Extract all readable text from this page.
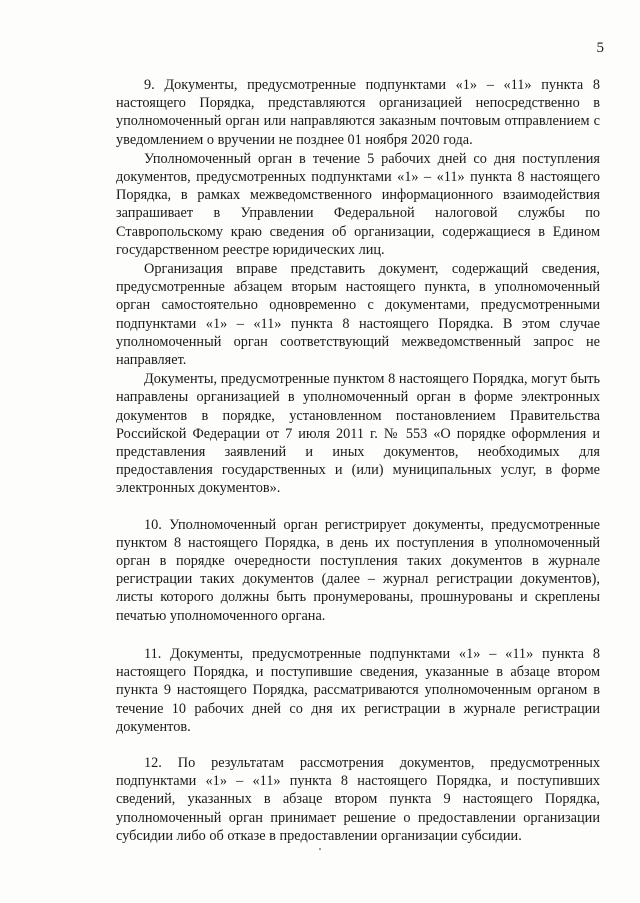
5

9. Документы, предусмотренные подпунктами «1» – «11» пункта 8 настоящего Порядка, представляются организацией непосредственно в уполномоченный орган или направляются заказным почтовым отправлением с уведомлением о вручении не позднее 01 ноября 2020 года.

Уполномоченный орган в течение 5 рабочих дней со дня поступления документов, предусмотренных подпунктами «1» – «11» пункта 8 настоящего Порядка, в рамках межведомственного информационного взаимодействия запрашивает в Управлении Федеральной налоговой службы по Ставропольскому краю сведения об организации, содержащиеся в Едином государственном реестре юридических лиц.

Организация вправе представить документ, содержащий сведения, предусмотренные абзацем вторым настоящего пункта, в уполномоченный орган самостоятельно одновременно с документами, предусмотренными подпунктами «1» – «11» пункта 8 настоящего Порядка. В этом случае уполномоченный орган соответствующий межведомственный запрос не направляет.

Документы, предусмотренные пунктом 8 настоящего Порядка, могут быть направлены организацией в уполномоченный орган в форме электронных документов в порядке, установленном постановлением Правительства Российской Федерации от 7 июля 2011 г. № 553 «О порядке оформления и представления заявлений и иных документов, необходимых для предоставления государственных и (или) муниципальных услуг, в форме электронных документов».

10. Уполномоченный орган регистрирует документы, предусмотренные пунктом 8 настоящего Порядка, в день их поступления в уполномоченный орган в порядке очередности поступления таких документов в журнале регистрации таких документов (далее – журнал регистрации документов), листы которого должны быть пронумерованы, прошнурованы и скреплены печатью уполномоченного органа.

11. Документы, предусмотренные подпунктами «1» – «11» пункта 8 настоящего Порядка, и поступившие сведения, указанные в абзаце втором пункта 9 настоящего Порядка, рассматриваются уполномоченным органом в течение 10 рабочих дней со дня их регистрации в журнале регистрации документов.

12. По результатам рассмотрения документов, предусмотренных подпунктами «1» – «11» пункта 8 настоящего Порядка, и поступивших сведений, указанных в абзаце втором пункта 9 настоящего Порядка, уполномоченный орган принимает решение о предоставлении организации субсидии либо об отказе в предоставлении организации субсидии.
